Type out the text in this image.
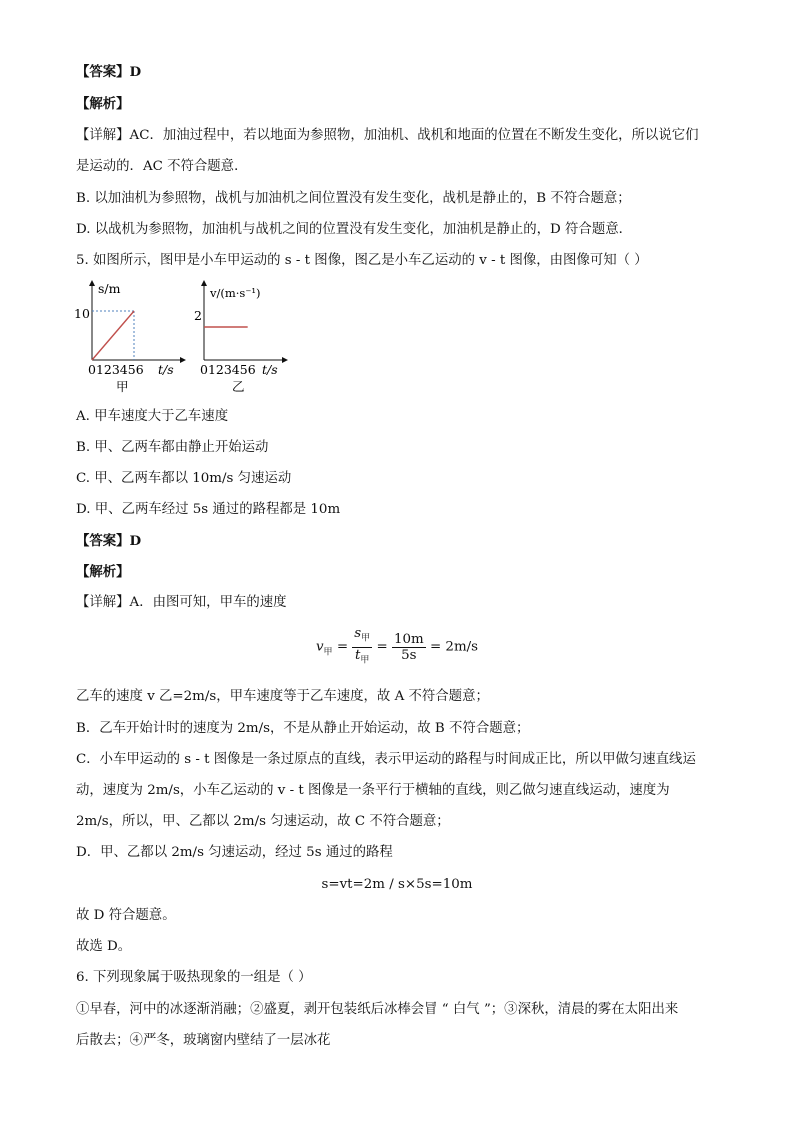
【答案】D
【解析】
【详解】AC．加油过程中，若以地面为参照物，加油机、战机和地面的位置在不断发生变化，所以说它们
是运动的．AC 不符合题意．
B. 以加油机为参照物，战机与加油机之间位置没有发生变化，战机是静止的，B 不符合题意；
D. 以战机为参照物，加油机与战机之间的位置没有发生变化，加油机是静止的，D 符合题意．
5. 如图所示，图甲是小车甲运动的 s - t 图像，图乙是小车乙运动的 v - t 图像，由图像可知（ ）
s/m
10
0123456 t/s
甲
v/(m·s⁻¹)
2
0123456 t/s
乙
A. 甲车速度大于乙车速度
B. 甲、乙两车都由静止开始运动
C. 甲、乙两车都以 10m/s 匀速运动
D. 甲、乙两车经过 5s 通过的路程都是 10m
【答案】D
【解析】
【详解】A．由图可知，甲车的速度
$v_甲 = \frac{s_甲}{t_甲} = \frac{10m}{5s} = 2m/s$
乙车的速度 v 乙=2m/s，甲车速度等于乙车速度，故 A 不符合题意；
B．乙车开始计时的速度为 2m/s，不是从静止开始运动，故 B 不符合题意；
C．小车甲运动的 s - t 图像是一条过原点的直线，表示甲运动的路程与时间成正比，所以甲做匀速直线运
动，速度为 2m/s，小车乙运动的 v - t 图像是一条平行于横轴的直线，则乙做匀速直线运动，速度为
2m/s，所以，甲、乙都以 2m/s 匀速运动，故 C 不符合题意；
D．甲、乙都以 2m/s 匀速运动，经过 5s 通过的路程
s=vt=2m / s×5s=10m
故 D 符合题意。
故选 D。
6. 下列现象属于吸热现象的一组是（ ）
①早春，河中的冰逐渐消融；②盛夏，剥开包装纸后冰棒会冒 “ 白气 ”；③深秋，清晨的雾在太阳出来
后散去；④严冬，玻璃窗内壁结了一层冰花
